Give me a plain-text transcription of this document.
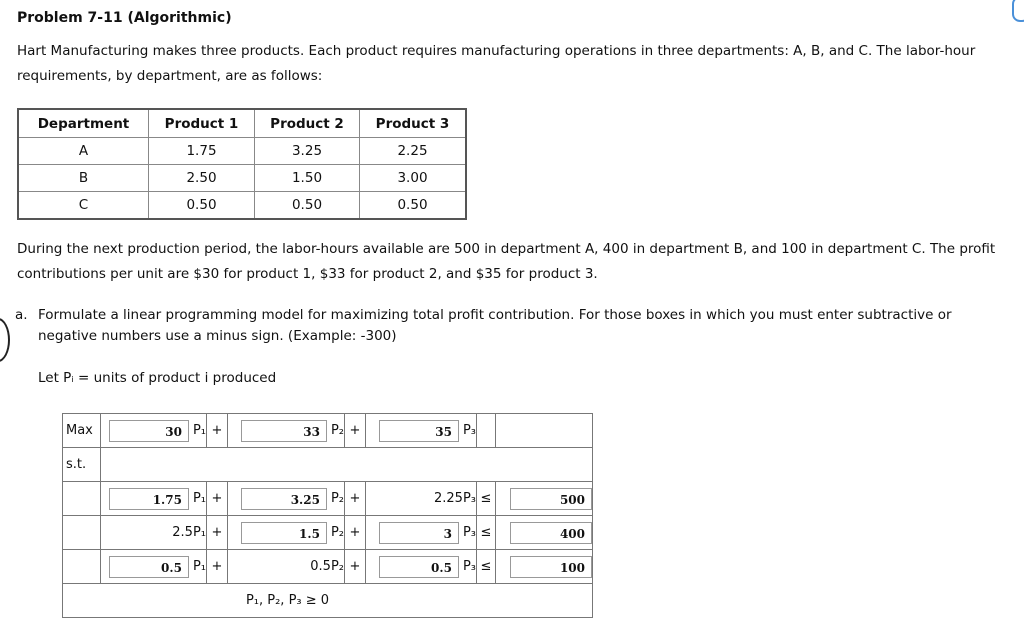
Problem 7-11 (Algorithmic)
Hart Manufacturing makes three products. Each product requires manufacturing operations in three departments: A, B, and C. The labor-hour requirements, by department, are as follows:
Department	Product 1	Product 2	Product 3
A	1.75	3.25	2.25
B	2.50	1.50	3.00
C	0.50	0.50	0.50
During the next production period, the labor-hours available are 500 in department A, 400 in department B, and 100 in department C. The profit contributions per unit are $30 for product 1, $33 for product 2, and $35 for product 3.
a. Formulate a linear programming model for maximizing total profit contribution. For those boxes in which you must enter subtractive or negative numbers use a minus sign. (Example: -300)
Let Pᵢ = units of product i produced
Max	30 P₁	+	33 P₂	+	35 P₃		
s.t.							
	1.75 P₁	+	3.25 P₂	+	2.25P₃	≤	500
	2.5P₁	+	1.5 P₂	+	3 P₃	≤	400
	0.5 P₁	+	0.5P₂	+	0.5 P₃	≤	100
P₁, P₂, P₃ ≥ 0							
